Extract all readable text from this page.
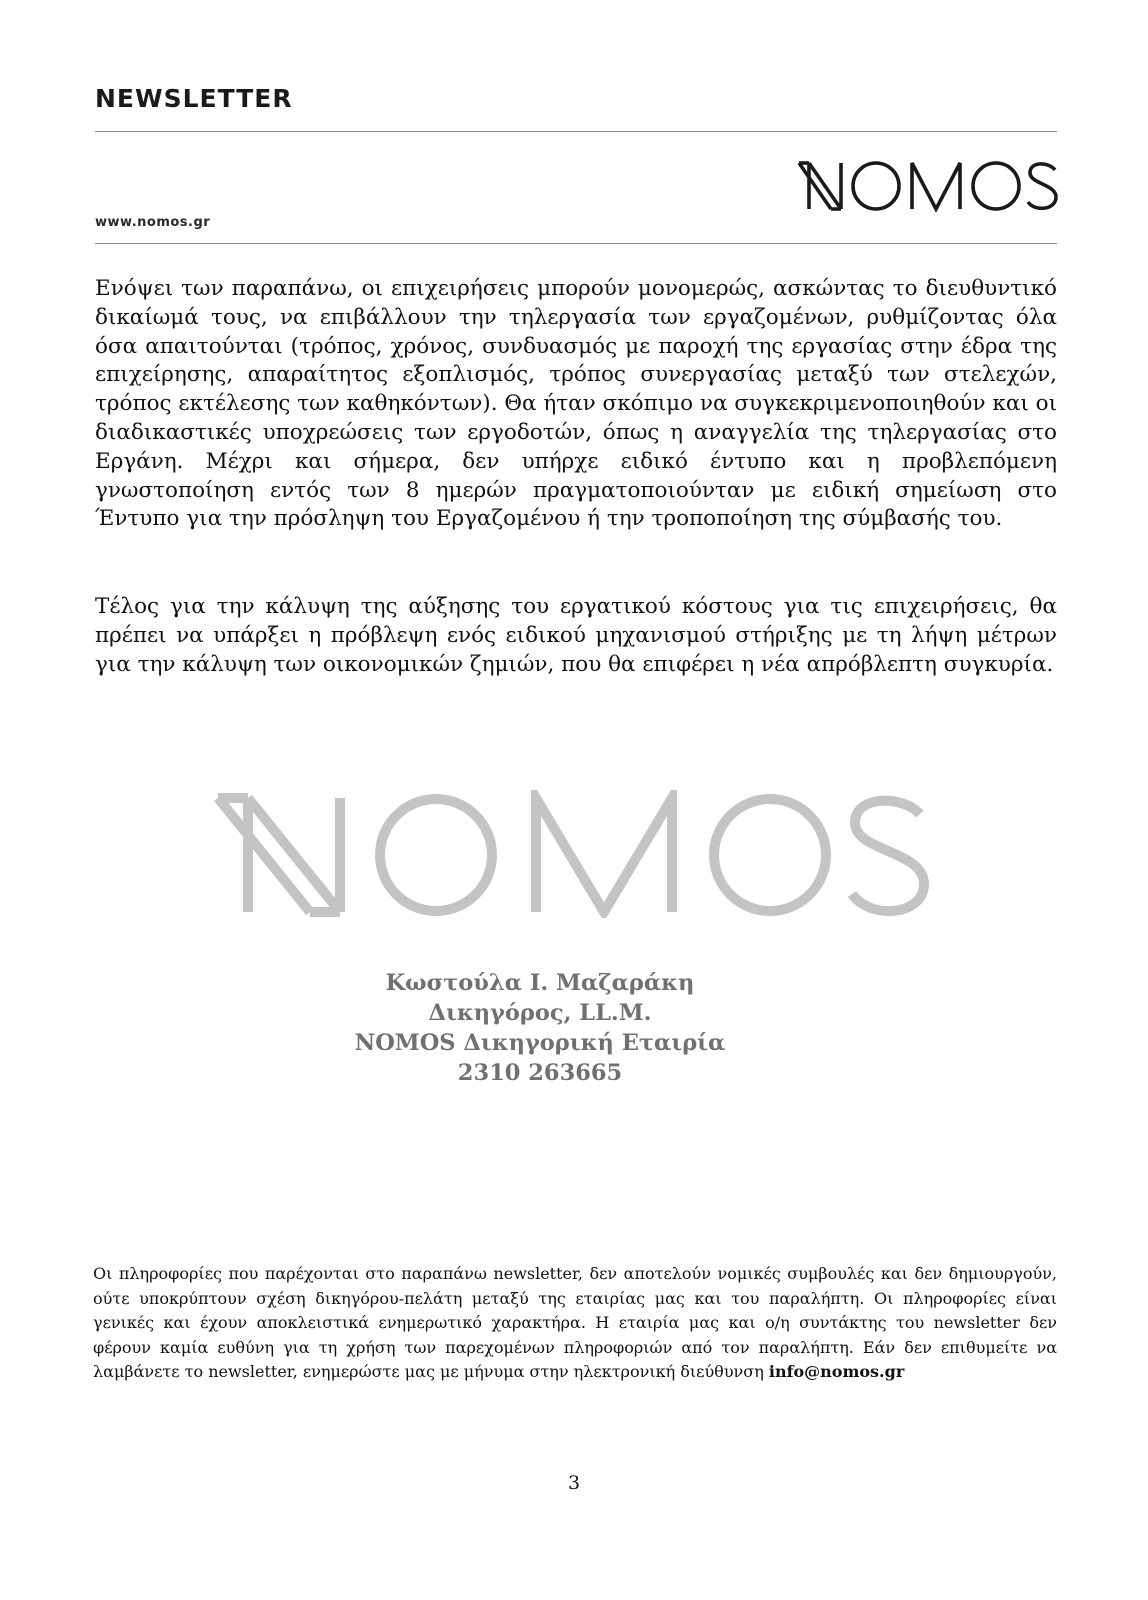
NEWSLETTER
www.nomos.gr

Ενόψει των παραπάνω, οι επιχειρήσεις μπορούν μονομερώς, ασκώντας το διευθυντικό δικαίωμά τους, να επιβάλλουν την τηλεργασία των εργαζομένων, ρυθμίζοντας όλα όσα απαιτούνται (τρόπος, χρόνος, συνδυασμός με παροχή της εργασίας στην έδρα της επιχείρησης, απαραίτητος εξοπλισμός, τρόπος συνεργασίας μεταξύ των στελεχών, τρόπος εκτέλεσης των καθηκόντων). Θα ήταν σκόπιμο να συγκεκριμενοποιηθούν και οι διαδικαστικές υποχρεώσεις των εργοδοτών, όπως η αναγγελία της τηλεργασίας στο Εργάνη. Μέχρι και σήμερα, δεν υπήρχε ειδικό έντυπο και η προβλεπόμενη γνωστοποίηση εντός των 8 ημερών πραγματοποιούνταν με ειδική σημείωση στο Έντυπο για την πρόσληψη του Εργαζομένου ή την τροποποίηση της σύμβασής του.

Τέλος για την κάλυψη της αύξησης του εργατικού κόστους για τις επιχειρήσεις, θα πρέπει να υπάρξει η πρόβλεψη ενός ειδικού μηχανισμού στήριξης με τη λήψη μέτρων για την κάλυψη των οικονομικών ζημιών, που θα επιφέρει η νέα απρόβλεπτη συγκυρία.

Κωστούλα Ι. Μαζαράκη
Δικηγόρος, LL.M.
NOMOS Δικηγορική Εταιρία
2310 263665

Οι πληροφορίες που παρέχονται στο παραπάνω newsletter, δεν αποτελούν νομικές συμβουλές και δεν δημιουργούν, ούτε υποκρύπτουν σχέση δικηγόρου-πελάτη μεταξύ της εταιρίας μας και του παραλήπτη. Οι πληροφορίες είναι γενικές και έχουν αποκλειστικά ενημερωτικό χαρακτήρα. Η εταιρία μας και ο/η συντάκτης του newsletter δεν φέρουν καμία ευθύνη για τη χρήση των παρεχομένων πληροφοριών από τον παραλήπτη. Εάν δεν επιθυμείτε να λαμβάνετε το newsletter, ενημερώστε μας με μήνυμα στην ηλεκτρονική διεύθυνση info@nomos.gr

3
